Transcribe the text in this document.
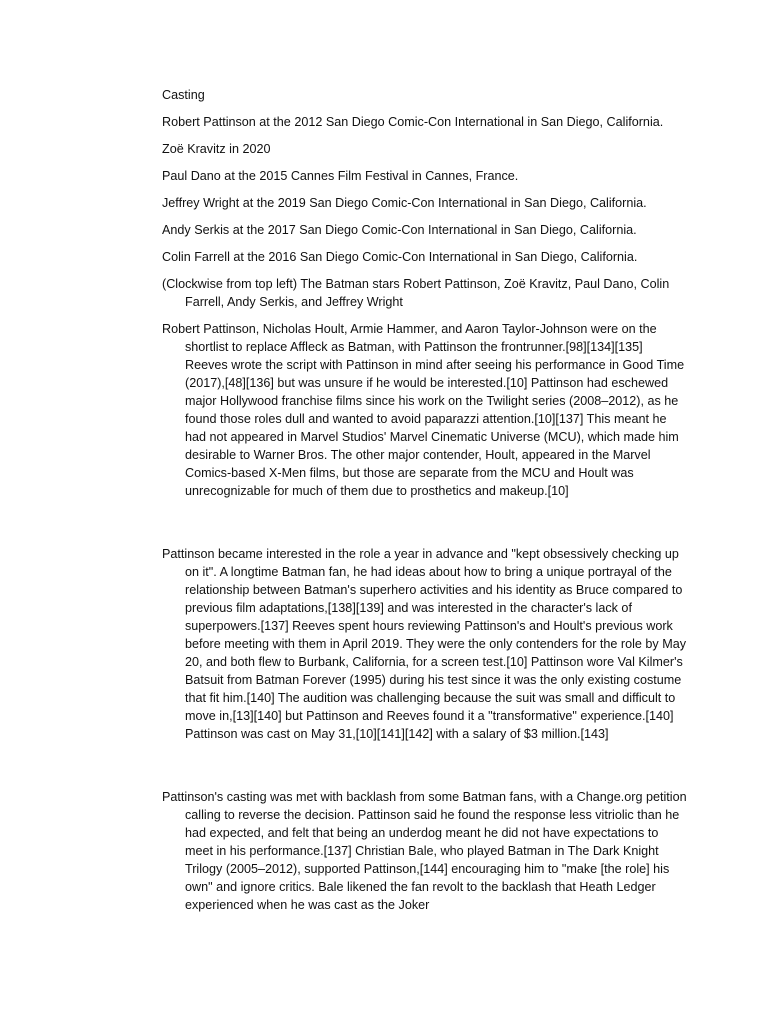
Casting

Robert Pattinson at the 2012 San Diego Comic-Con International in San Diego, California.

Zoë Kravitz in 2020

Paul Dano at the 2015 Cannes Film Festival in Cannes, France.

Jeffrey Wright at the 2019 San Diego Comic-Con International in San Diego, California.

Andy Serkis at the 2017 San Diego Comic-Con International in San Diego, California.

Colin Farrell at the 2016 San Diego Comic-Con International in San Diego, California.

(Clockwise from top left) The Batman stars Robert Pattinson, Zoë Kravitz, Paul Dano, Colin Farrell, Andy Serkis, and Jeffrey Wright

Robert Pattinson, Nicholas Hoult, Armie Hammer, and Aaron Taylor-Johnson were on the shortlist to replace Affleck as Batman, with Pattinson the frontrunner.[98][134][135] Reeves wrote the script with Pattinson in mind after seeing his performance in Good Time (2017),[48][136] but was unsure if he would be interested.[10] Pattinson had eschewed major Hollywood franchise films since his work on the Twilight series (2008–2012), as he found those roles dull and wanted to avoid paparazzi attention.[10][137] This meant he had not appeared in Marvel Studios' Marvel Cinematic Universe (MCU), which made him desirable to Warner Bros. The other major contender, Hoult, appeared in the Marvel Comics-based X-Men films, but those are separate from the MCU and Hoult was unrecognizable for much of them due to prosthetics and makeup.[10]

Pattinson became interested in the role a year in advance and "kept obsessively checking up on it". A longtime Batman fan, he had ideas about how to bring a unique portrayal of the relationship between Batman's superhero activities and his identity as Bruce compared to previous film adaptations,[138][139] and was interested in the character's lack of superpowers.[137] Reeves spent hours reviewing Pattinson's and Hoult's previous work before meeting with them in April 2019. They were the only contenders for the role by May 20, and both flew to Burbank, California, for a screen test.[10] Pattinson wore Val Kilmer's Batsuit from Batman Forever (1995) during his test since it was the only existing costume that fit him.[140] The audition was challenging because the suit was small and difficult to move in,[13][140] but Pattinson and Reeves found it a "transformative" experience.[140] Pattinson was cast on May 31,[10][141][142] with a salary of $3 million.[143]

Pattinson's casting was met with backlash from some Batman fans, with a Change.org petition calling to reverse the decision. Pattinson said he found the response less vitriolic than he had expected, and felt that being an underdog meant he did not have expectations to meet in his performance.[137] Christian Bale, who played Batman in The Dark Knight Trilogy (2005–2012), supported Pattinson,[144] encouraging him to "make [the role] his own" and ignore critics. Bale likened the fan revolt to the backlash that Heath Ledger experienced when he was cast as the Joker
